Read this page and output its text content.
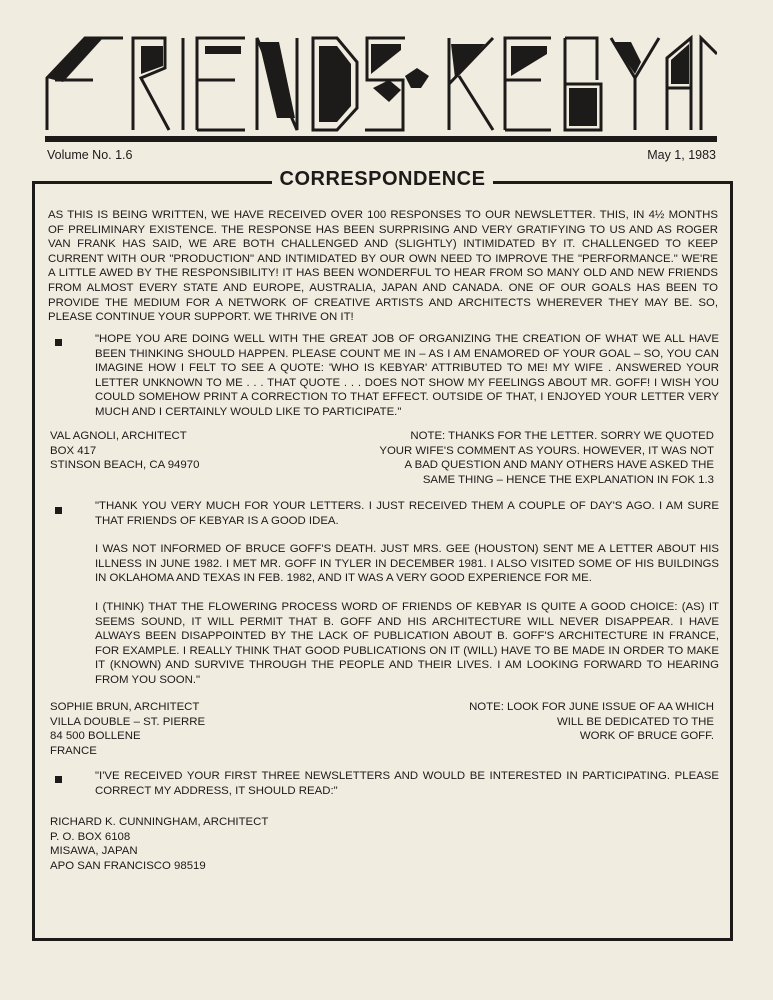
Volume No. 1.6	May 1, 1983
CORRESPONDENCE
AS THIS IS BEING WRITTEN, WE HAVE RECEIVED OVER 100 RESPONSES TO OUR NEWSLETTER. THIS, IN 4½ MONTHS OF PRELIMINARY EXISTENCE. THE RESPONSE HAS BEEN SURPRISING AND VERY GRATIFYING TO US AND AS ROGER VAN FRANK HAS SAID, WE ARE BOTH CHALLENGED AND (SLIGHTLY) INTIMIDATED BY IT. CHALLENGED TO KEEP CURRENT WITH OUR "PRODUCTION" AND INTIMIDATED BY OUR OWN NEED TO IMPROVE THE "PERFORMANCE." WE'RE A LITTLE AWED BY THE RESPONSIBILITY! IT HAS BEEN WONDERFUL TO HEAR FROM SO MANY OLD AND NEW FRIENDS FROM ALMOST EVERY STATE AND EUROPE, AUSTRALIA, JAPAN AND CANADA. ONE OF OUR GOALS HAS BEEN TO PROVIDE THE MEDIUM FOR A NETWORK OF CREATIVE ARTISTS AND ARCHITECTS WHEREVER THEY MAY BE. SO, PLEASE CONTINUE YOUR SUPPORT. WE THRIVE ON IT!
"HOPE YOU ARE DOING WELL WITH THE GREAT JOB OF ORGANIZING THE CREATION OF WHAT WE ALL HAVE BEEN THINKING SHOULD HAPPEN. PLEASE COUNT ME IN – AS I AM ENAMORED OF YOUR GOAL – SO, YOU CAN IMAGINE HOW I FELT TO SEE A QUOTE: 'WHO IS KEBYAR' ATTRIBUTED TO ME! MY WIFE . ANSWERED YOUR LETTER UNKNOWN TO ME . . . THAT QUOTE . . . DOES NOT SHOW MY FEELINGS ABOUT MR. GOFF! I WISH YOU COULD SOMEHOW PRINT A CORRECTION TO THAT EFFECT. OUTSIDE OF THAT, I ENJOYED YOUR LETTER VERY MUCH AND I CERTAINLY WOULD LIKE TO PARTICIPATE."
VAL AGNOLI, ARCHITECT
BOX 417
STINSON BEACH, CA 94970
NOTE: THANKS FOR THE LETTER. SORRY WE QUOTED
YOUR WIFE'S COMMENT AS YOURS. HOWEVER, IT WAS NOT
A BAD QUESTION AND MANY OTHERS HAVE ASKED THE
SAME THING – HENCE THE EXPLANATION IN FOK 1.3
"THANK YOU VERY MUCH FOR YOUR LETTERS. I JUST RECEIVED THEM A COUPLE OF DAY'S AGO. I AM SURE THAT FRIENDS OF KEBYAR IS A GOOD IDEA.
I WAS NOT INFORMED OF BRUCE GOFF'S DEATH. JUST MRS. GEE (HOUSTON) SENT ME A LETTER ABOUT HIS ILLNESS IN JUNE 1982. I MET MR. GOFF IN TYLER IN DECEMBER 1981. I ALSO VISITED SOME OF HIS BUILDINGS IN OKLAHOMA AND TEXAS IN FEB. 1982, AND IT WAS A VERY GOOD EXPERIENCE FOR ME.
I (THINK) THAT THE FLOWERING PROCESS WORD OF FRIENDS OF KEBYAR IS QUITE A GOOD CHOICE: (AS) IT SEEMS SOUND, IT WILL PERMIT THAT B. GOFF AND HIS ARCHITECTURE WILL NEVER DISAPPEAR. I HAVE ALWAYS BEEN DISAPPOINTED BY THE LACK OF PUBLICATION ABOUT B. GOFF'S ARCHITECTURE IN FRANCE, FOR EXAMPLE. I REALLY THINK THAT GOOD PUBLICATIONS ON IT (WILL) HAVE TO BE MADE IN ORDER TO MAKE IT (KNOWN) AND SURVIVE THROUGH THE PEOPLE AND THEIR LIVES. I AM LOOKING FORWARD TO HEARING FROM YOU SOON."
SOPHIE BRUN, ARCHITECT
VILLA DOUBLE – ST. PIERRE
84 500 BOLLENE
FRANCE
NOTE: LOOK FOR JUNE ISSUE OF AA WHICH
WILL BE DEDICATED TO THE
WORK OF BRUCE GOFF.
"I'VE RECEIVED YOUR FIRST THREE NEWSLETTERS AND WOULD BE INTERESTED IN PARTICIPATING. PLEASE CORRECT MY ADDRESS, IT SHOULD READ:"
RICHARD K. CUNNINGHAM, ARCHITECT
P. O. BOX 6108
MISAWA, JAPAN
APO SAN FRANCISCO 98519
